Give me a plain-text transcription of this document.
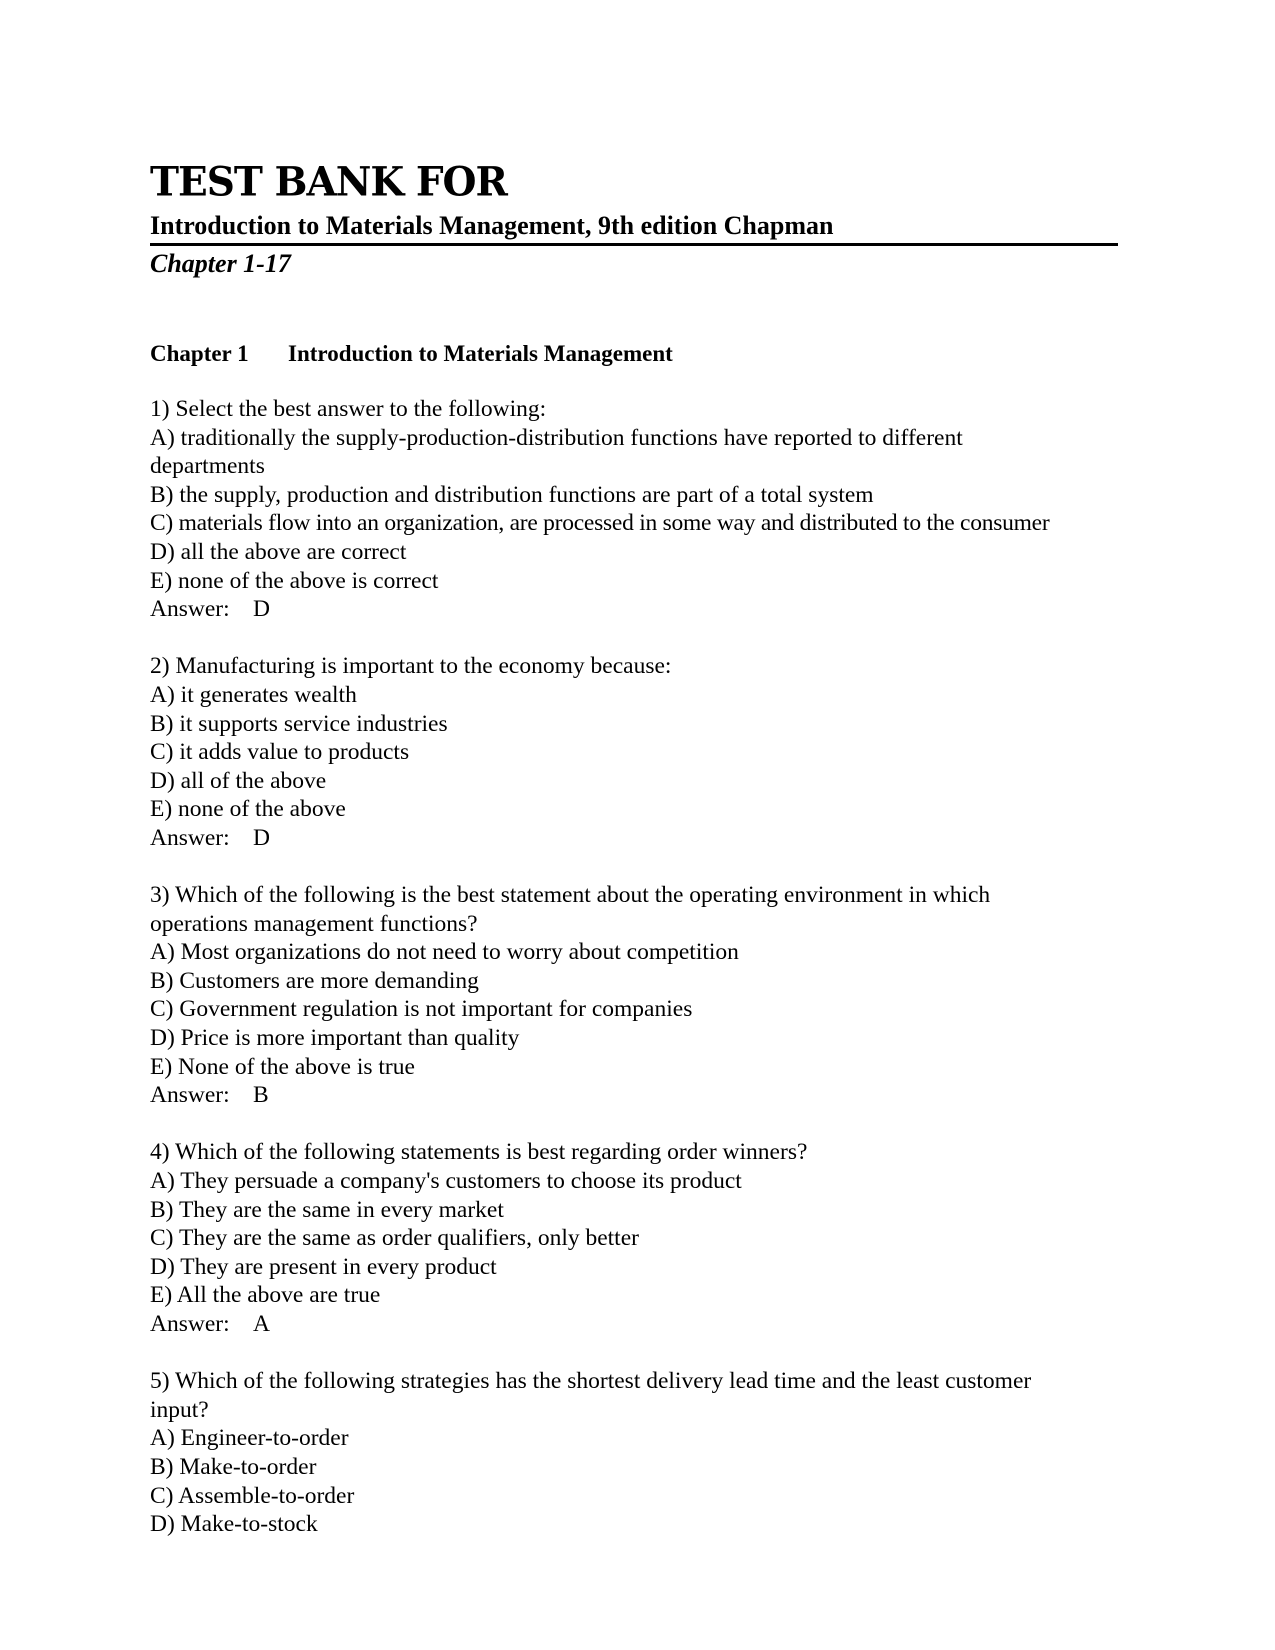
TEST BANK FOR
Introduction to Materials Management, 9th edition Chapman
Chapter 1-17
Chapter 1 Introduction to Materials Management
1) Select the best answer to the following:
A) traditionally the supply-production-distribution functions have reported to different departments
B) the supply, production and distribution functions are part of a total system
C) materials flow into an organization, are processed in some way and distributed to the consumer
D) all the above are correct
E) none of the above is correct
Answer: D
2) Manufacturing is important to the economy because:
A) it generates wealth
B) it supports service industries
C) it adds value to products
D) all of the above
E) none of the above
Answer: D
3) Which of the following is the best statement about the operating environment in which operations management functions?
A) Most organizations do not need to worry about competition
B) Customers are more demanding
C) Government regulation is not important for companies
D) Price is more important than quality
E) None of the above is true
Answer: B
4) Which of the following statements is best regarding order winners?
A) They persuade a company's customers to choose its product
B) They are the same in every market
C) They are the same as order qualifiers, only better
D) They are present in every product
E) All the above are true
Answer: A
5) Which of the following strategies has the shortest delivery lead time and the least customer input?
A) Engineer-to-order
B) Make-to-order
C) Assemble-to-order
D) Make-to-stock
